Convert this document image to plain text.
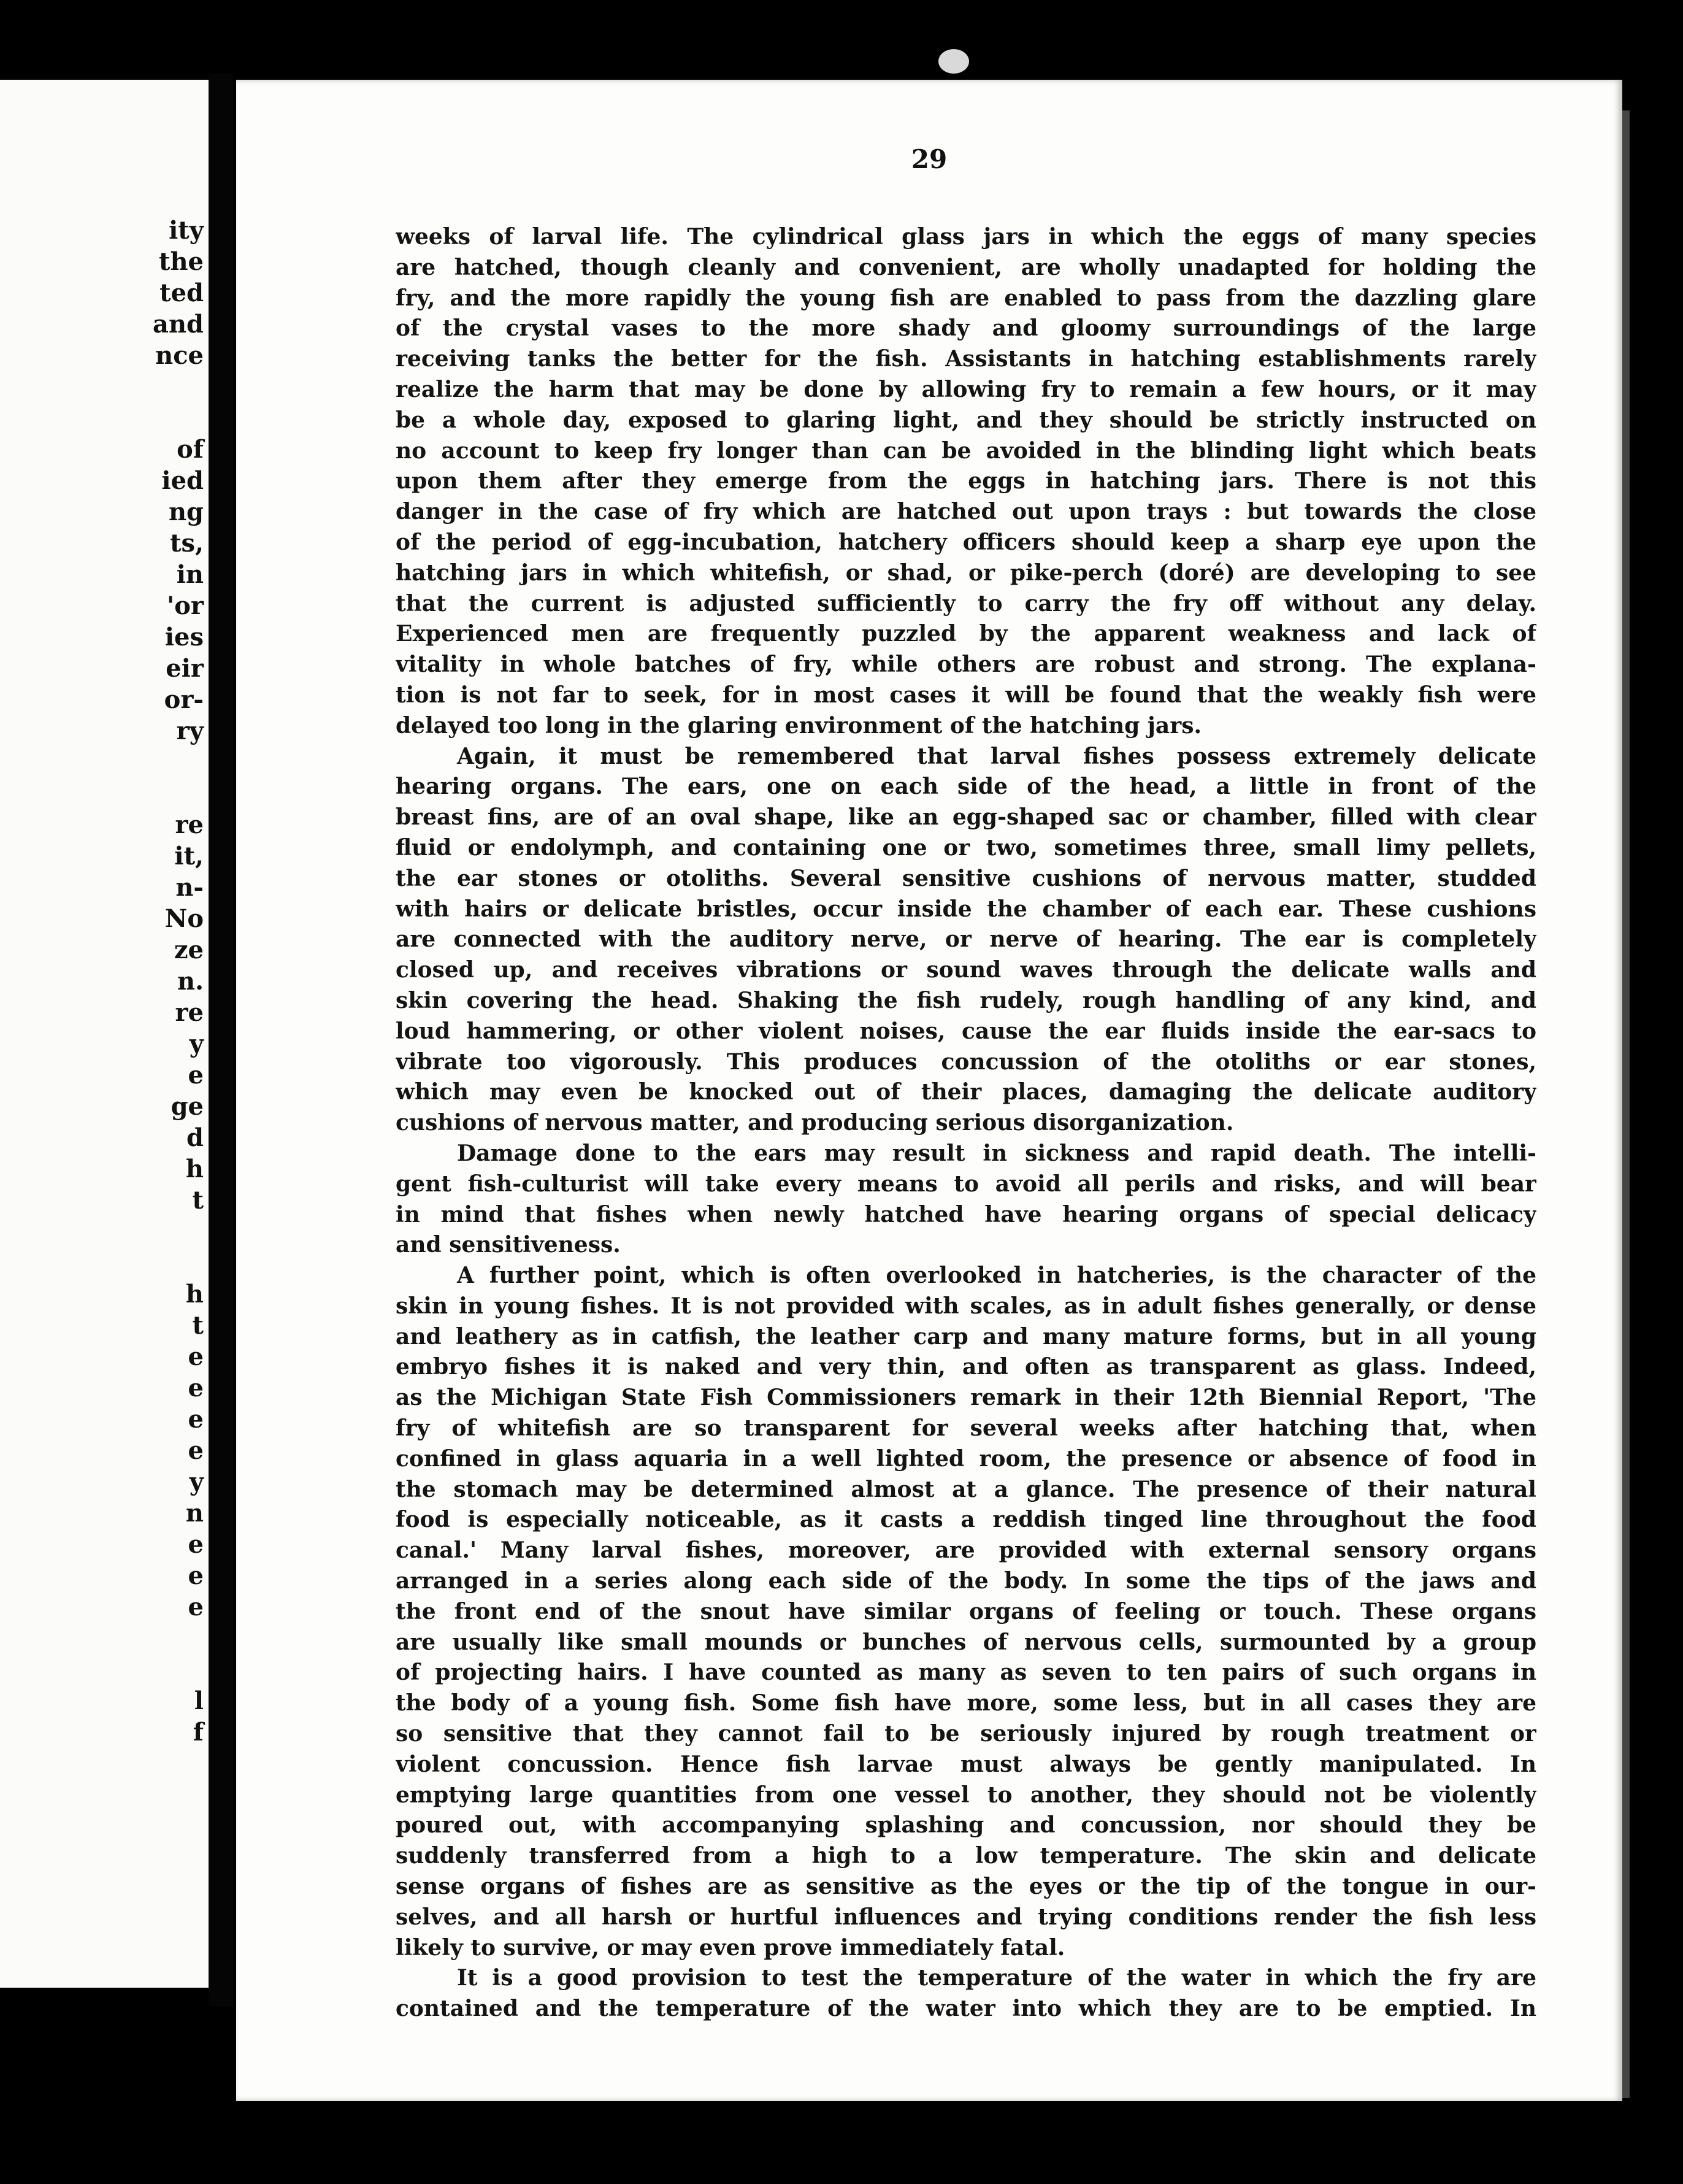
ity
the
ted
and
nce
of
ied
ng
ts,
in
'or
ies
eir
or-
ry
re
it,
n-
No
ze
n.
re
y
e
ge
d
h
t
h
t
e
e
e
e
y
n
e
e
e
l
f
29
weeks of larval life. The cylindrical glass jars in which the eggs of many species
are hatched, though cleanly and convenient, are wholly unadapted for holding the
fry, and the more rapidly the young fish are enabled to pass from the dazzling glare
of the crystal vases to the more shady and gloomy surroundings of the large
receiving tanks the better for the fish. Assistants in hatching establishments rarely
realize the harm that may be done by allowing fry to remain a few hours, or it may
be a whole day, exposed to glaring light, and they should be strictly instructed on
no account to keep fry longer than can be avoided in the blinding light which beats
upon them after they emerge from the eggs in hatching jars. There is not this
danger in the case of fry which are hatched out upon trays : but towards the close
of the period of egg-incubation, hatchery officers should keep a sharp eye upon the
hatching jars in which whitefish, or shad, or pike-perch (doré) are developing to see
that the current is adjusted sufficiently to carry the fry off without any delay.
Experienced men are frequently puzzled by the apparent weakness and lack of
vitality in whole batches of fry, while others are robust and strong. The explana-
tion is not far to seek, for in most cases it will be found that the weakly fish were
delayed too long in the glaring environment of the hatching jars.
Again, it must be remembered that larval fishes possess extremely delicate
hearing organs. The ears, one on each side of the head, a little in front of the
breast fins, are of an oval shape, like an egg-shaped sac or chamber, filled with clear
fluid or endolymph, and containing one or two, sometimes three, small limy pellets,
the ear stones or otoliths. Several sensitive cushions of nervous matter, studded
with hairs or delicate bristles, occur inside the chamber of each ear. These cushions
are connected with the auditory nerve, or nerve of hearing. The ear is completely
closed up, and receives vibrations or sound waves through the delicate walls and
skin covering the head. Shaking the fish rudely, rough handling of any kind, and
loud hammering, or other violent noises, cause the ear fluids inside the ear-sacs to
vibrate too vigorously. This produces concussion of the otoliths or ear stones,
which may even be knocked out of their places, damaging the delicate auditory
cushions of nervous matter, and producing serious disorganization.
Damage done to the ears may result in sickness and rapid death. The intelli-
gent fish-culturist will take every means to avoid all perils and risks, and will bear
in mind that fishes when newly hatched have hearing organs of special delicacy
and sensitiveness.
A further point, which is often overlooked in hatcheries, is the character of the
skin in young fishes. It is not provided with scales, as in adult fishes generally, or dense
and leathery as in catfish, the leather carp and many mature forms, but in all young
embryo fishes it is naked and very thin, and often as transparent as glass. Indeed,
as the Michigan State Fish Commissioners remark in their 12th Biennial Report, 'The
fry of whitefish are so transparent for several weeks after hatching that, when
confined in glass aquaria in a well lighted room, the presence or absence of food in
the stomach may be determined almost at a glance. The presence of their natural
food is especially noticeable, as it casts a reddish tinged line throughout the food
canal.' Many larval fishes, moreover, are provided with external sensory organs
arranged in a series along each side of the body. In some the tips of the jaws and
the front end of the snout have similar organs of feeling or touch. These organs
are usually like small mounds or bunches of nervous cells, surmounted by a group
of projecting hairs. I have counted as many as seven to ten pairs of such organs in
the body of a young fish. Some fish have more, some less, but in all cases they are
so sensitive that they cannot fail to be seriously injured by rough treatment or
violent concussion. Hence fish larvae must always be gently manipulated. In
emptying large quantities from one vessel to another, they should not be violently
poured out, with accompanying splashing and concussion, nor should they be
suddenly transferred from a high to a low temperature. The skin and delicate
sense organs of fishes are as sensitive as the eyes or the tip of the tongue in our-
selves, and all harsh or hurtful influences and trying conditions render the fish less
likely to survive, or may even prove immediately fatal.
It is a good provision to test the temperature of the water in which the fry are
contained and the temperature of the water into which they are to be emptied. In
